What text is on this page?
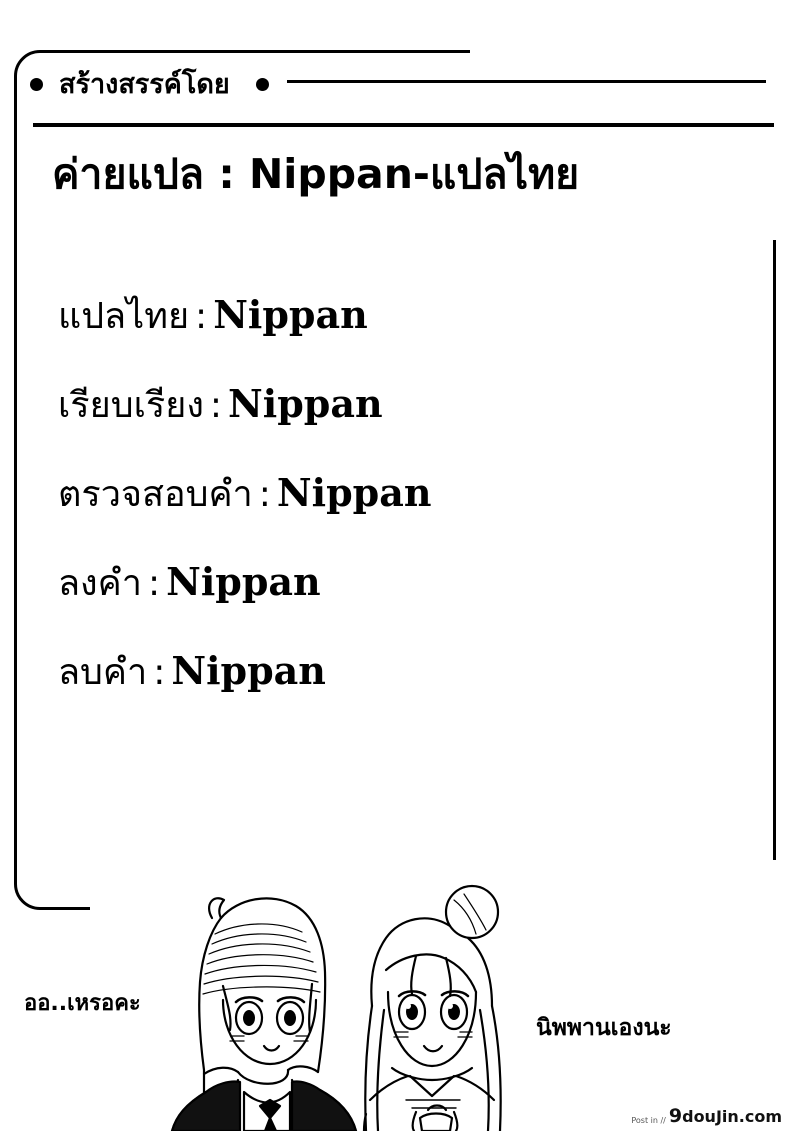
สร้างสรรค์โดย
ค่ายแปล : Nippan-แปลไทย
แปลไทย : Nippan
เรียบเรียง : Nippan
ตรวจสอบคำ : Nippan
ลงคำ : Nippan
ลบคำ : Nippan
ออ..เหรอคะ
นิพพานเองนะ
Post in // 9douJin.com
